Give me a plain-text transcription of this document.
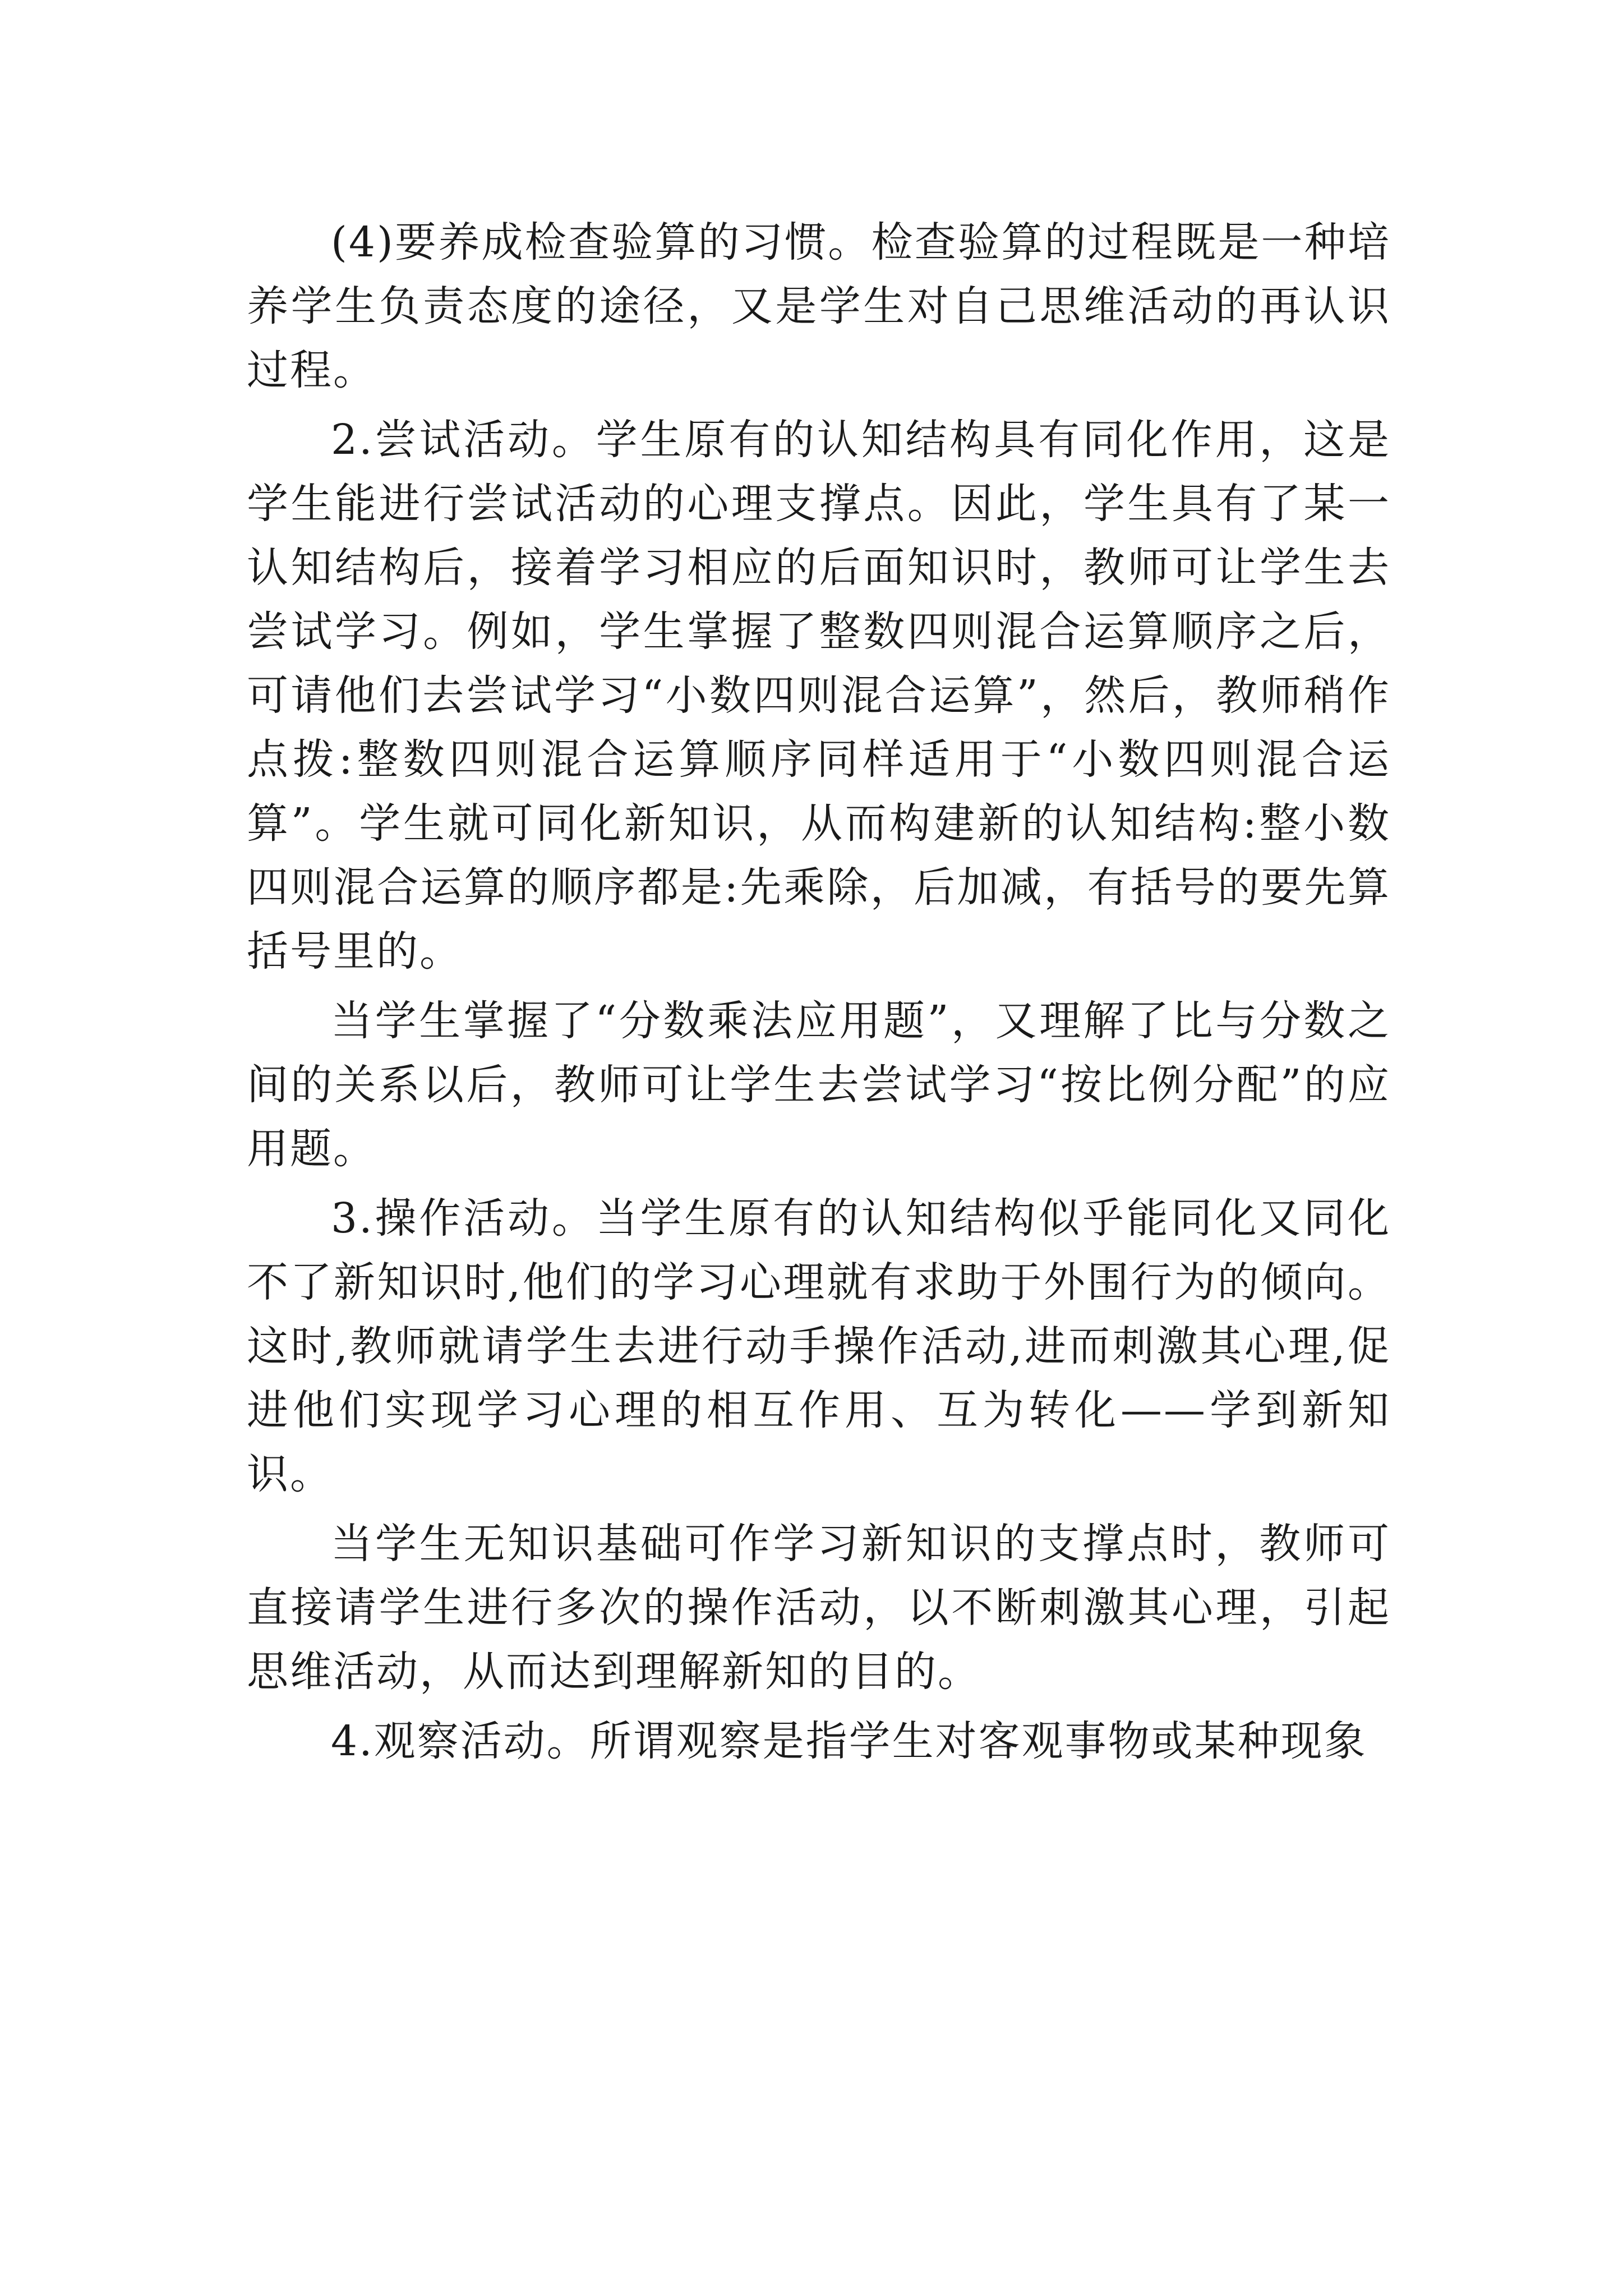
(4)要养成检查验算的习惯。检查验算的过程既是一种培养学生负责态度的途径，又是学生对自己思维活动的再认识过程。

2.尝试活动。学生原有的认知结构具有同化作用，这是学生能进行尝试活动的心理支撑点。因此，学生具有了某一认知结构后，接着学习相应的后面知识时，教师可让学生去尝试学习。例如，学生掌握了整数四则混合运算顺序之后，可请他们去尝试学习“小数四则混合运算”，然后，教师稍作点拨:整数四则混合运算顺序同样适用于“小数四则混合运算”。学生就可同化新知识，从而构建新的认知结构:整小数四则混合运算的顺序都是:先乘除，后加减，有括号的要先算括号里的。

当学生掌握了“分数乘法应用题”，又理解了比与分数之间的关系以后，教师可让学生去尝试学习“按比例分配”的应用题。

3.操作活动。当学生原有的认知结构似乎能同化又同化不了新知识时,他们的学习心理就有求助于外围行为的倾向。这时,教师就请学生去进行动手操作活动,进而刺激其心理,促进他们实现学习心理的相互作用、互为转化——学到新知识。

当学生无知识基础可作学习新知识的支撑点时，教师可直接请学生进行多次的操作活动，以不断刺激其心理，引起思维活动，从而达到理解新知的目的。

4.观察活动。所谓观察是指学生对客观事物或某种现象
